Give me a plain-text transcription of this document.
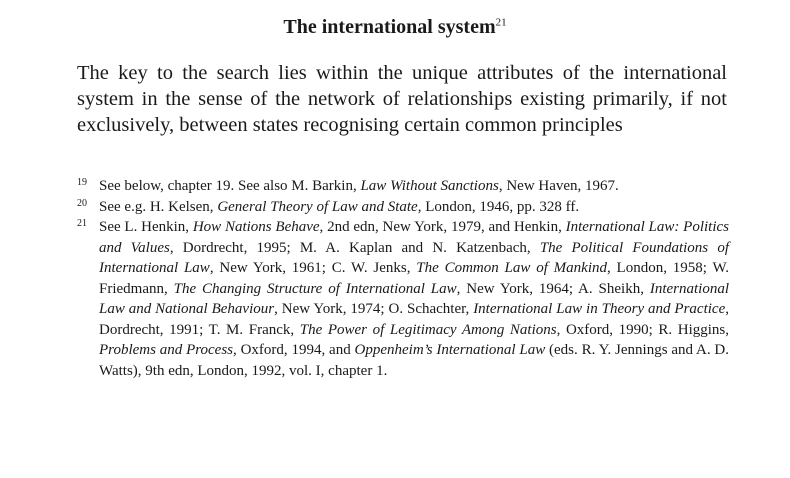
The international system$^{21}$
The key to the search lies within the unique attributes of the international system in the sense of the network of relationships existing primarily, if not exclusively, between states recognising certain common principles
19 See below, chapter 19. See also M. Barkin, Law Without Sanctions, New Haven, 1967.
20 See e.g. H. Kelsen, General Theory of Law and State, London, 1946, pp. 328 ff.
21 See L. Henkin, How Nations Behave, 2nd edn, New York, 1979, and Henkin, International Law: Politics and Values, Dordrecht, 1995; M. A. Kaplan and N. Katzenbach, The Political Foundations of International Law, New York, 1961; C. W. Jenks, The Common Law of Mankind, London, 1958; W. Friedmann, The Changing Structure of International Law, New York, 1964; A. Sheikh, International Law and National Behaviour, New York, 1974; O. Schachter, International Law in Theory and Practice, Dordrecht, 1991; T. M. Franck, The Power of Legitimacy Among Nations, Oxford, 1990; R. Higgins, Problems and Process, Oxford, 1994, and Oppenheim’s International Law (eds. R. Y. Jennings and A. D. Watts), 9th edn, London, 1992, vol. I, chapter 1.
